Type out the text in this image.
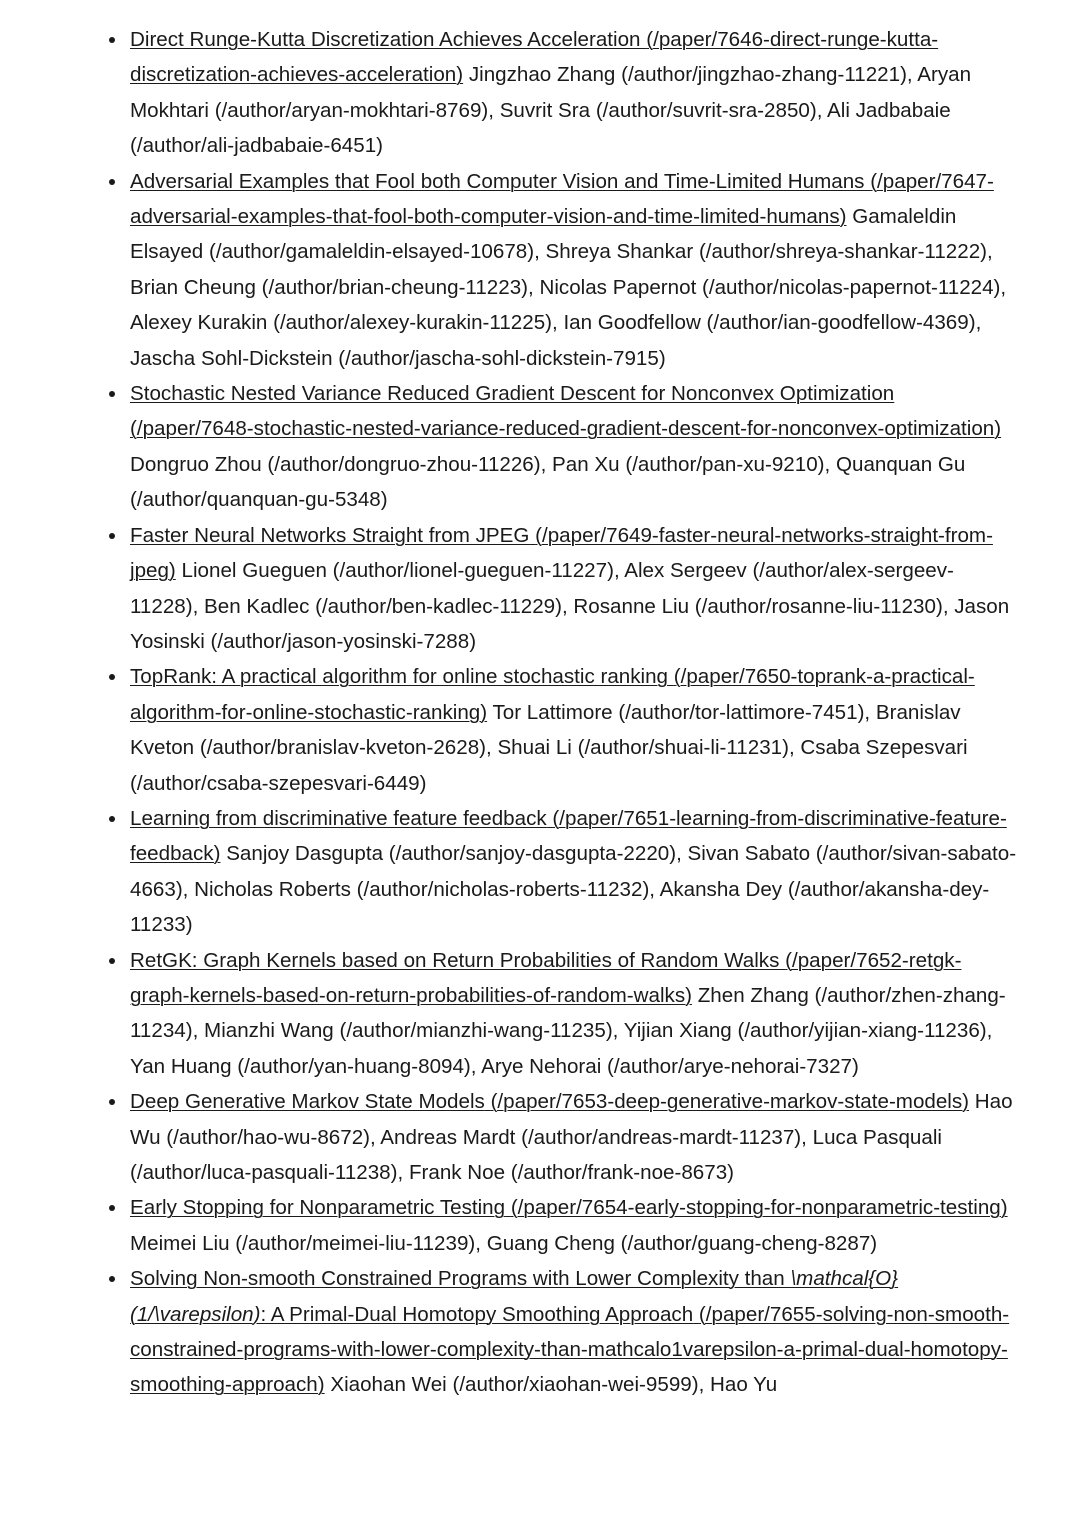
Direct Runge-Kutta Discretization Achieves Acceleration (/paper/7646-direct-runge-kutta-discretization-achieves-acceleration) Jingzhao Zhang (/author/jingzhao-zhang-11221), Aryan Mokhtari (/author/aryan-mokhtari-8769), Suvrit Sra (/author/suvrit-sra-2850), Ali Jadbabaie (/author/ali-jadbabaie-6451)
Adversarial Examples that Fool both Computer Vision and Time-Limited Humans (/paper/7647-adversarial-examples-that-fool-both-computer-vision-and-time-limited-humans) Gamaleldin Elsayed (/author/gamaleldin-elsayed-10678), Shreya Shankar (/author/shreya-shankar-11222), Brian Cheung (/author/brian-cheung-11223), Nicolas Papernot (/author/nicolas-papernot-11224), Alexey Kurakin (/author/alexey-kurakin-11225), Ian Goodfellow (/author/ian-goodfellow-4369), Jascha Sohl-Dickstein (/author/jascha-sohl-dickstein-7915)
Stochastic Nested Variance Reduced Gradient Descent for Nonconvex Optimization (/paper/7648-stochastic-nested-variance-reduced-gradient-descent-for-nonconvex-optimization) Dongruo Zhou (/author/dongruo-zhou-11226), Pan Xu (/author/pan-xu-9210), Quanquan Gu (/author/quanquan-gu-5348)
Faster Neural Networks Straight from JPEG (/paper/7649-faster-neural-networks-straight-from-jpeg) Lionel Gueguen (/author/lionel-gueguen-11227), Alex Sergeev (/author/alex-sergeev-11228), Ben Kadlec (/author/ben-kadlec-11229), Rosanne Liu (/author/rosanne-liu-11230), Jason Yosinski (/author/jason-yosinski-7288)
TopRank: A practical algorithm for online stochastic ranking (/paper/7650-toprank-a-practical-algorithm-for-online-stochastic-ranking) Tor Lattimore (/author/tor-lattimore-7451), Branislav Kveton (/author/branislav-kveton-2628), Shuai Li (/author/shuai-li-11231), Csaba Szepesvari (/author/csaba-szepesvari-6449)
Learning from discriminative feature feedback (/paper/7651-learning-from-discriminative-feature-feedback) Sanjoy Dasgupta (/author/sanjoy-dasgupta-2220), Sivan Sabato (/author/sivan-sabato-4663), Nicholas Roberts (/author/nicholas-roberts-11232), Akansha Dey (/author/akansha-dey-11233)
RetGK: Graph Kernels based on Return Probabilities of Random Walks (/paper/7652-retgk-graph-kernels-based-on-return-probabilities-of-random-walks) Zhen Zhang (/author/zhen-zhang-11234), Mianzhi Wang (/author/mianzhi-wang-11235), Yijian Xiang (/author/yijian-xiang-11236), Yan Huang (/author/yan-huang-8094), Arye Nehorai (/author/arye-nehorai-7327)
Deep Generative Markov State Models (/paper/7653-deep-generative-markov-state-models) Hao Wu (/author/hao-wu-8672), Andreas Mardt (/author/andreas-mardt-11237), Luca Pasquali (/author/luca-pasquali-11238), Frank Noe (/author/frank-noe-8673)
Early Stopping for Nonparametric Testing (/paper/7654-early-stopping-for-nonparametric-testing) Meimei Liu (/author/meimei-liu-11239), Guang Cheng (/author/guang-cheng-8287)
Solving Non-smooth Constrained Programs with Lower Complexity than \mathcal{O}(1/\varepsilon): A Primal-Dual Homotopy Smoothing Approach (/paper/7655-solving-non-smooth-constrained-programs-with-lower-complexity-than-mathcalo1varepsilon-a-primal-dual-homotopy-smoothing-approach) Xiaohan Wei (/author/xiaohan-wei-9599), Hao Yu
